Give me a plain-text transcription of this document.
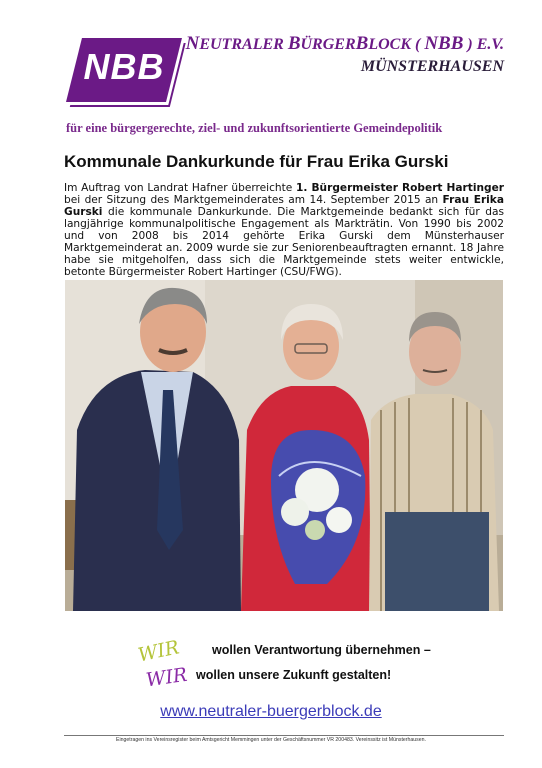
NBB
NEUTRALER BÜRGERBLOCK ( NBB ) E.V.
MÜNSTERHAUSEN
für eine bürgergerechte, ziel- und zukunftsorientierte Gemeindepolitik
Kommunale Dankurkunde für Frau Erika Gurski
Im Auftrag von Landrat Hafner überreichte 1. Bürgermeister Robert Hartinger bei der Sitzung des Marktgemeinderates am 14. September 2015 an Frau Erika Gurski die kommunale Dankurkunde. Die Marktgemeinde bedankt sich für das langjährige kommunalpolitische Engagement als Markträtin. Von 1990 bis 2002 und von 2008 bis 2014 gehörte Erika Gurski dem Münsterhauser Marktgemeinderat an. 2009 wurde sie zur Seniorenbeauftragten ernannt. 18 Jahre habe sie mitgeholfen, dass sich die Marktgemeinde stets weiter entwickle, betonte Bürgermeister Robert Hartinger (CSU/FWG).
WIR
WIR
wollen Verantwortung übernehmen –
wollen unsere Zukunft gestalten!
www.neutraler-buergerblock.de
Eingetragen ins Vereinsregister beim Amtsgericht Memmingen unter der Geschäftsnummer VR 200483. Vereinssitz ist Münsterhausen.
